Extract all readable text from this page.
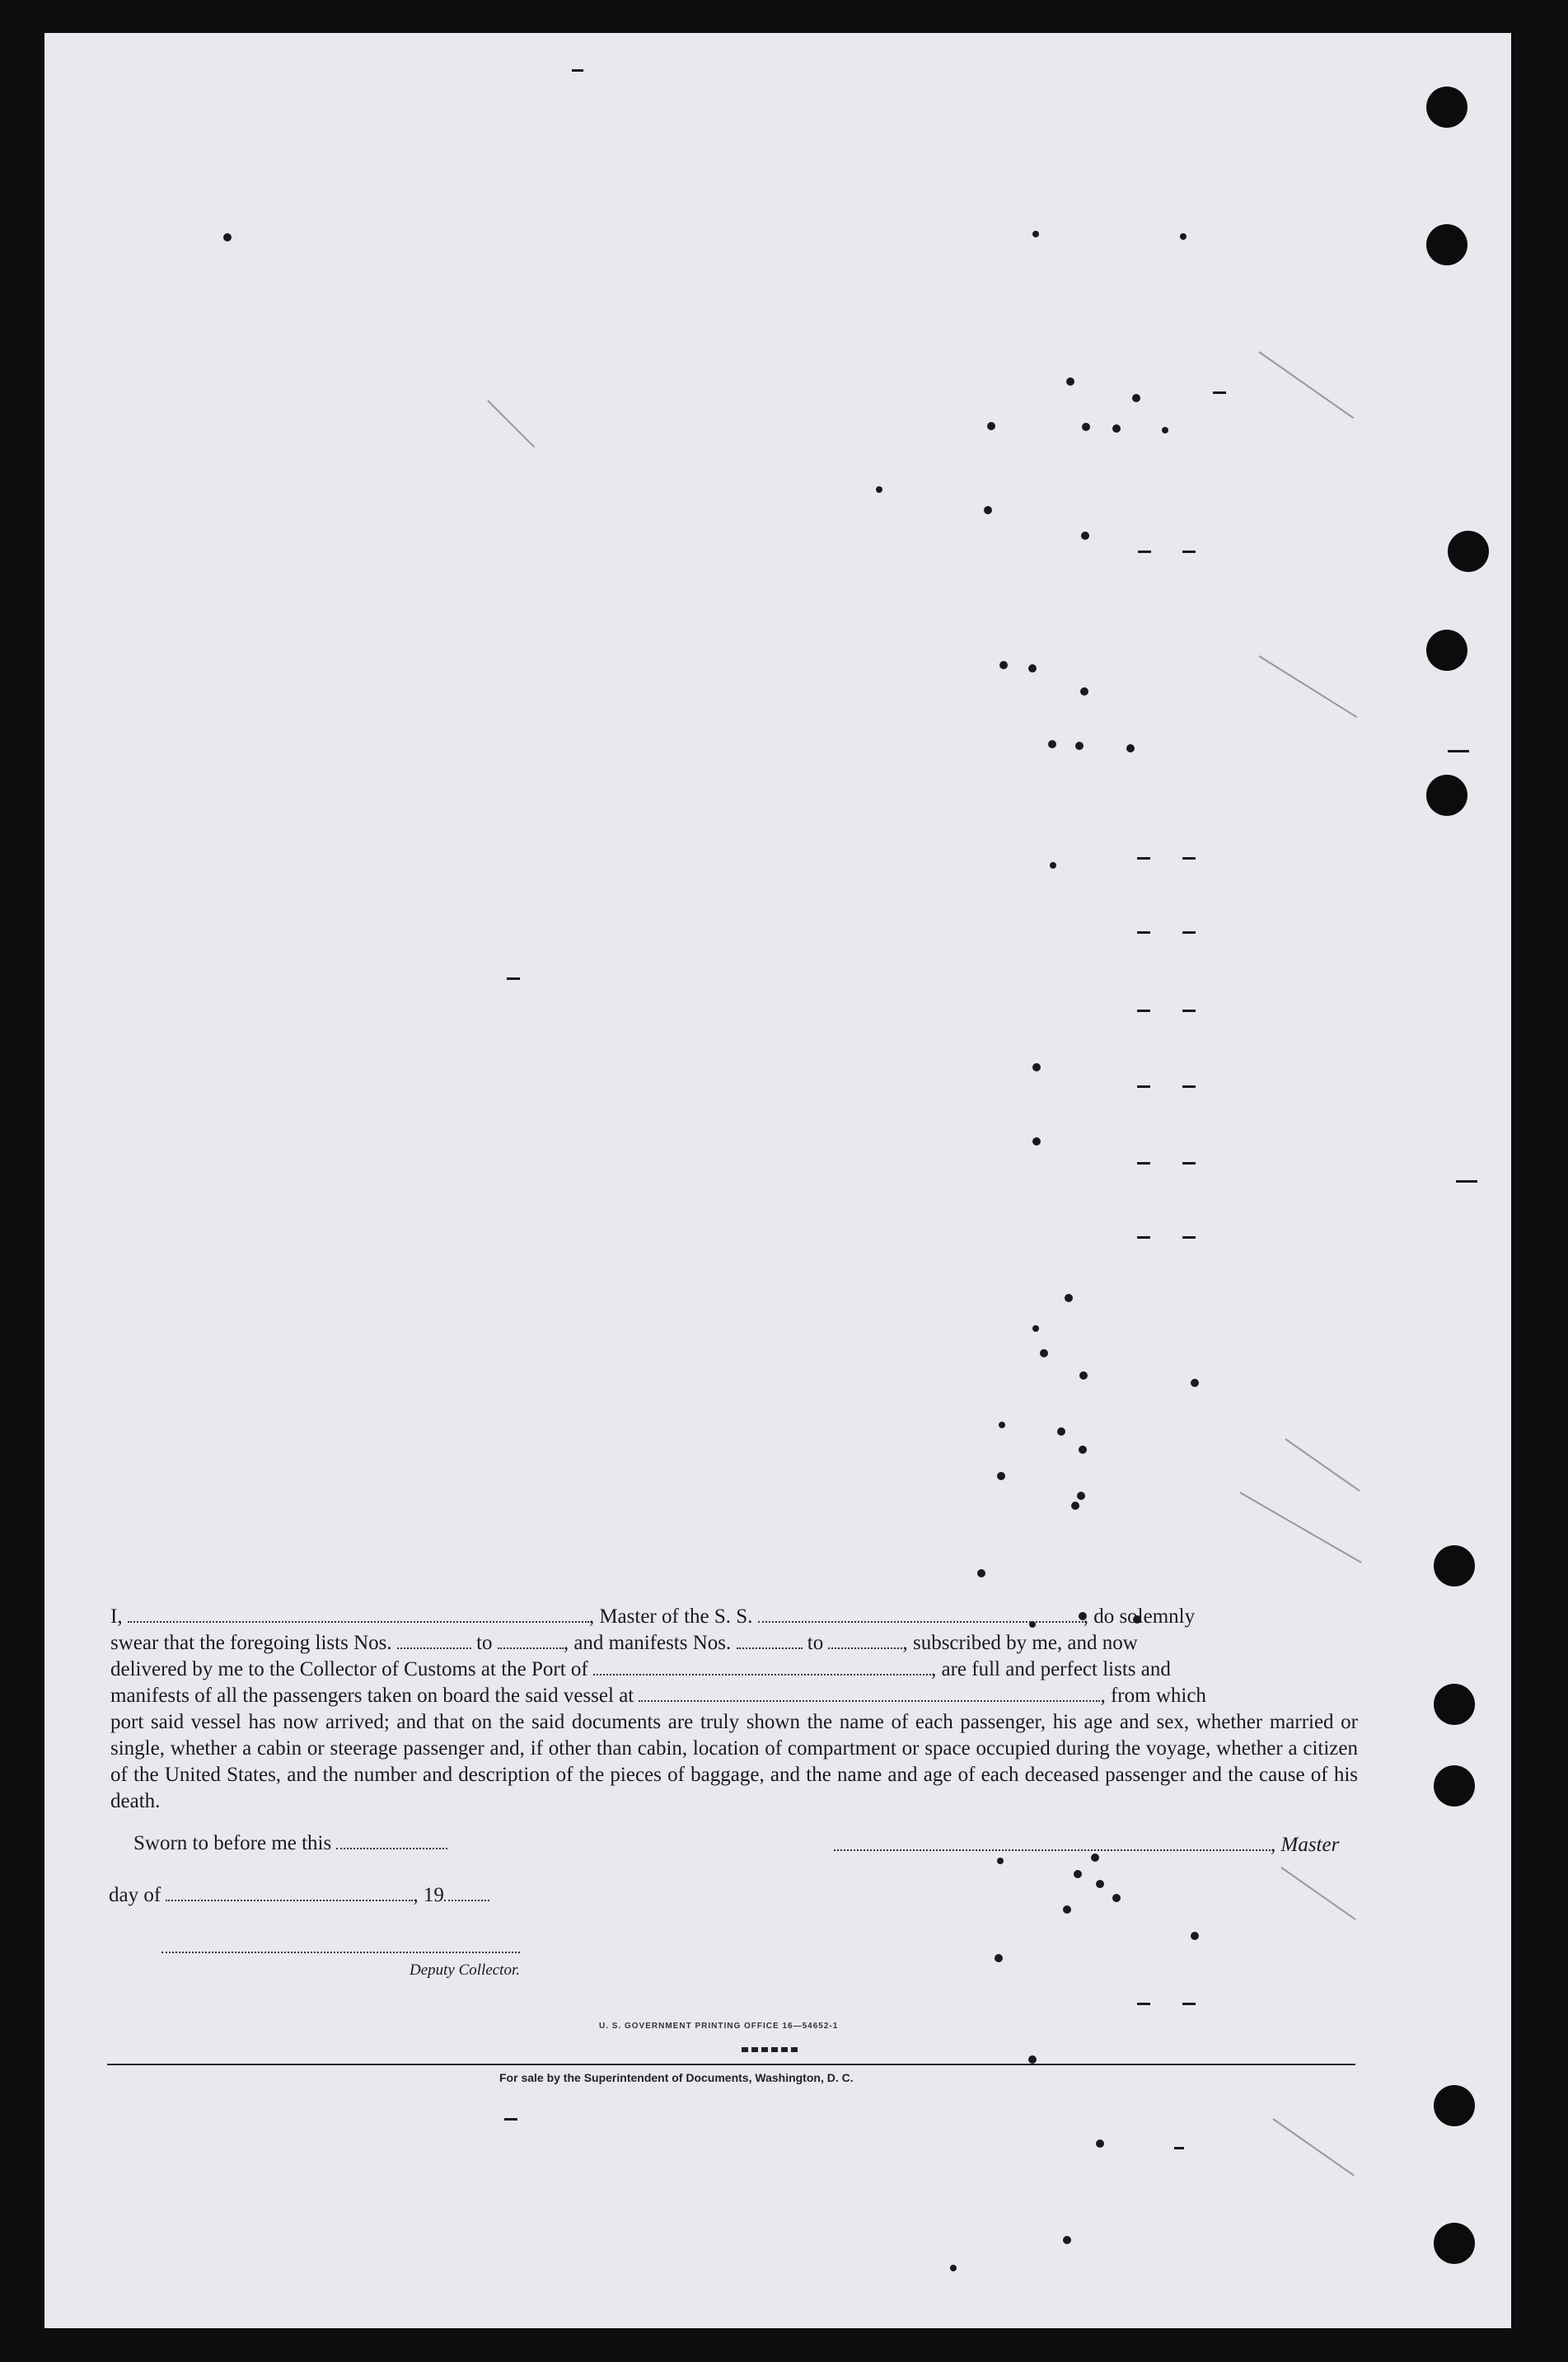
I,	, Master of the S. S.	, do solemnly

swear that the foregoing lists Nos.	to	, and manifests Nos.	to	, subscribed by me, and now

delivered by me to the Collector of Customs at the Port of	, are full and perfect lists and

manifests of all the passengers taken on board the said vessel at	, from which

port said vessel has now arrived; and that on the said documents are truly shown the name of each passenger, his age and sex, whether married or single, whether a cabin or steerage passenger and, if other than cabin, location of compartment or space occupied during the voyage, whether a citizen of the United States, and the number and description of the pieces of baggage, and the name and age of each deceased passenger and the cause of his death.

Sworn to before me this	, Master
day of	, 19
Deputy Collector.
U. S. GOVERNMENT PRINTING OFFICE 16—54652-1
For sale by the Superintendent of Documents, Washington, D. C.
